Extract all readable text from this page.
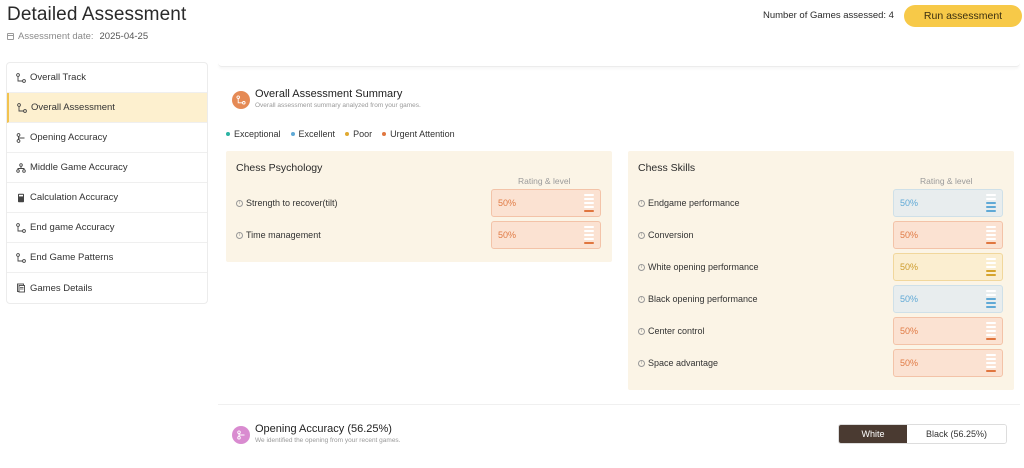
Detailed Assessment
Assessment date: 2025-04-25
Number of Games assessed: 4	Run assessment
Overall Track
Overall Assessment
Opening Accuracy
Middle Game Accuracy
Calculation Accuracy
End game Accuracy
End Game Patterns
Games Details
Overall Assessment Summary
Overall assessment summary analyzed from your games.
Exceptional Excellent Poor Urgent Attention
Chess Psychology
Rating & level
i Strength to recover(tilt)	50%
i Time management	50%
Chess Skills
Rating & level
i Endgame performance	50%
i Conversion	50%
i White opening performance	50%
i Black opening performance	50%
i Center control	50%
i Space advantage	50%
Opening Accuracy (56.25%)
We identified the opening from your recent games.
White	Black (56.25%)
